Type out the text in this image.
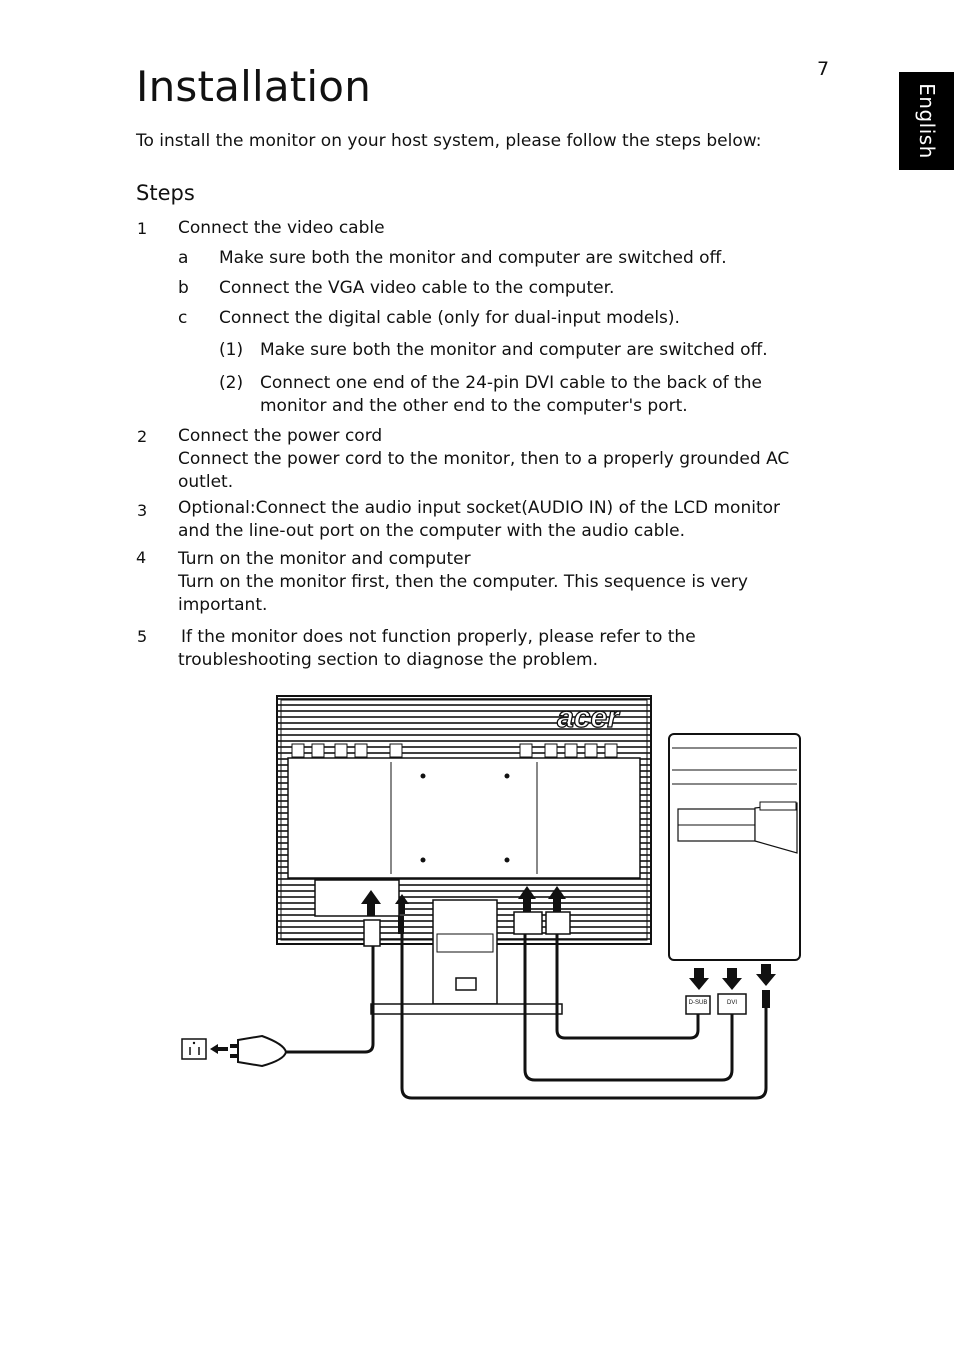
Installation	7
English
To install the monitor on your host system, please follow the steps below:
Steps
1 Connect the video cable
a Make sure both the monitor and computer are switched off.
b Connect the VGA video cable to the computer.
c Connect the digital cable (only for dual-input models).
(1) Make sure both the monitor and computer are switched off.
(2) Connect one end of the 24-pin DVI cable to the back of the
monitor and the other end to the computer's port.
2 Connect the power cord
Connect the power cord to the monitor, then to a properly grounded AC
outlet.
3 Optional:Connect the audio input socket(AUDIO IN) of the LCD monitor
and the line-out port on the computer with the audio cable.
4 Turn on the monitor and computer
Turn on the monitor first, then the computer. This sequence is very
important.
5 If the monitor does not function properly, please refer to the
troubleshooting section to diagnose the problem.
acer
D-SUB	DVI
